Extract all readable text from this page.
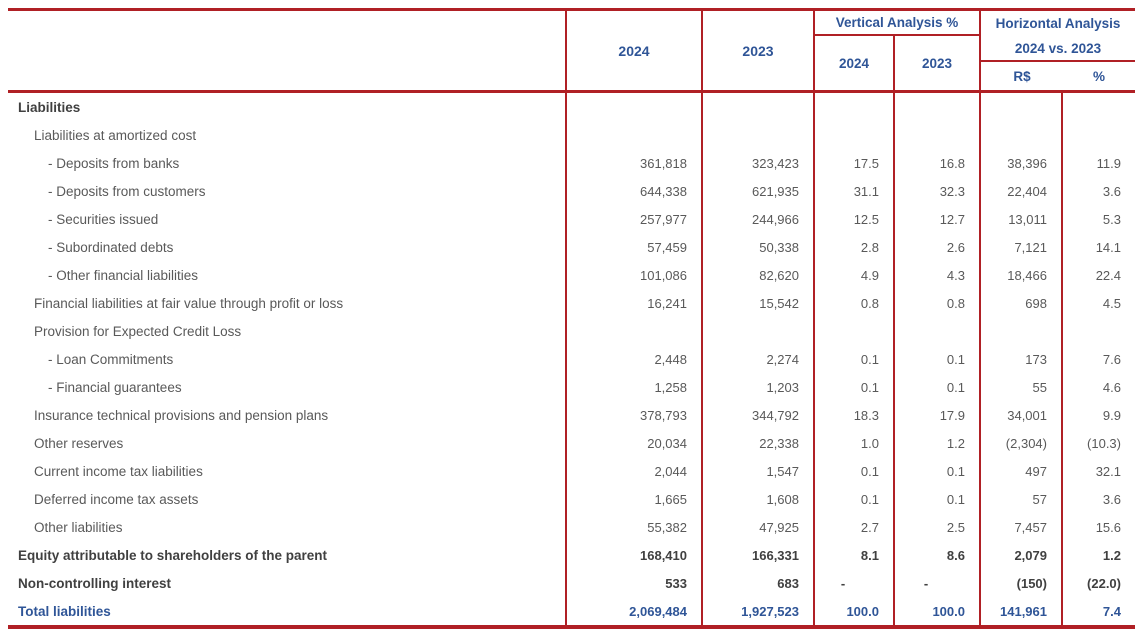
2024	2023
Vertical Analysis %	Horizontal Analysis
2024	2023
2024 vs. 2023
R$	%
Liabilities
Liabilities at amortized cost
- Deposits from banks	361,818	323,423	17.5	16.8	38,396	11.9
- Deposits from customers	644,338	621,935	31.1	32.3	22,404	3.6
- Securities issued	257,977	244,966	12.5	12.7	13,011	5.3
- Subordinated debts	57,459	50,338	2.8	2.6	7,121	14.1
- Other financial liabilities	101,086	82,620	4.9	4.3	18,466	22.4
Financial liabilities at fair value through profit or loss	16,241	15,542	0.8	0.8	698	4.5
Provision for Expected Credit Loss
- Loan Commitments	2,448	2,274	0.1	0.1	173	7.6
- Financial guarantees	1,258	1,203	0.1	0.1	55	4.6
Insurance technical provisions and pension plans	378,793	344,792	18.3	17.9	34,001	9.9
Other reserves	20,034	22,338	1.0	1.2	(2,304)	(10.3)
Current income tax liabilities	2,044	1,547	0.1	0.1	497	32.1
Deferred income tax assets	1,665	1,608	0.1	0.1	57	3.6
Other liabilities	55,382	47,925	2.7	2.5	7,457	15.6
Equity attributable to shareholders of the parent	168,410	166,331	8.1	8.6	2,079	1.2
Non-controlling interest	533	683	-	-	(150)	(22.0)
Total liabilities	2,069,484	1,927,523	100.0	100.0	141,961	7.4
